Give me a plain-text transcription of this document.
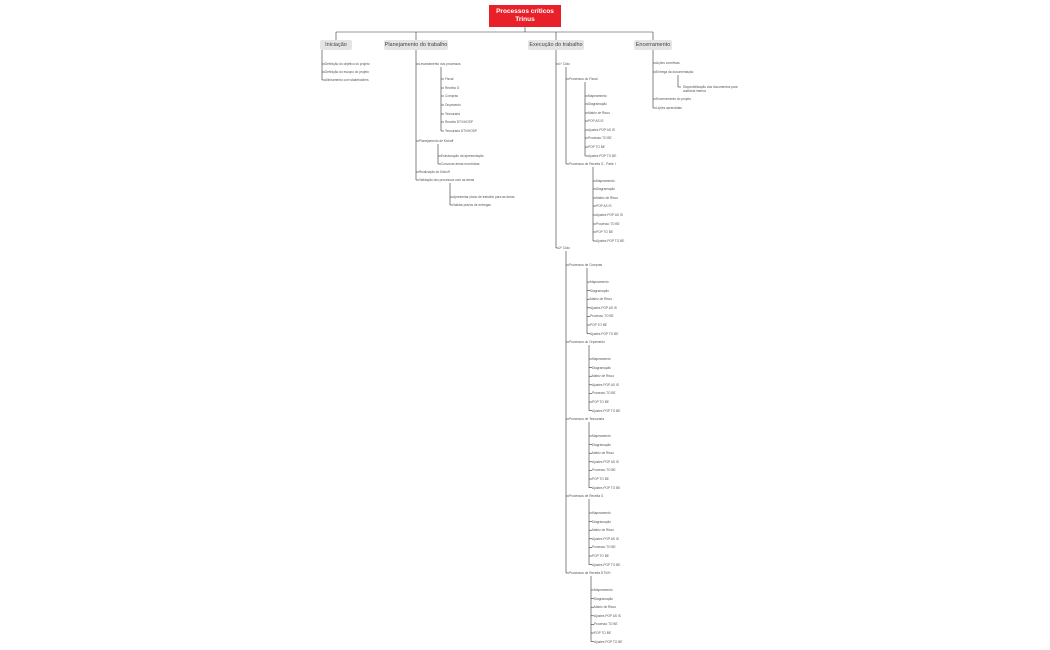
Processos críticos
Trinus
Iniciação	Planejamento do trabalho	Execução do trabalho	Encerramento
Definição do objetivo do projeto
Definição do escopo do projeto
Alinhamento com stakeholders
Levantamento dos processos
Planejamento de Kickoff
Realização do Kickoff
Validação dos processos com as áreas
Fiscal
Receita G
Compras
Orçamento
Tesouraria
Receita DTV/HOSP
Tesouraria DTV/HOSP
Estruturação da apresentação
Convocar áreas envolvidas
Apresentar plano de trabalho para as áreas
Validar prazos de entregas
1º Ciclo
2º Ciclo
Processos do Fiscal
Processos de Receita G - Parte I
Mapeamento
Diagramação
Matriz de Risco
POP AS IS
Ajustes POP AS IS
Processo TO BE
POP TO BE
Ajustes POP TO BE
Mapeamento
Diagramação
Matriz de Risco
POP AS IS
Ajustes POP AS IS
Processo TO BE
POP TO BE
Ajustes POP TO BE
Processos de Compras
Processos do Orçamento
Processos de Tesouraria
Processos de Receita G
Processos de Receita DTV/H
Mapeamento
Diagramação
Matriz de Risco
Ajustes POP AS IS
Processo TO BE
POP TO BE
Ajustes POP TO BE
Mapeamento
Diagramação
Matriz de Risco
Ajustes POP AS IS
Processo TO BE
POP TO BE
Ajustes POP TO BE
Mapeamento
Diagramação
Matriz de Risco
Ajustes POP AS IS
Processo TO BE
POP TO BE
Ajustes POP TO BE
Mapeamento
Diagramação
Matriz de Risco
Ajustes POP AS IS
Processo TO BE
POP TO BE
Ajustes POP TO BE
Mapeamento
Diagramação
Matriz de Risco
Ajustes POP AS IS
Processo TO BE
POP TO BE
Ajustes POP TO BE
Ações corretivas
Entrega da documentação
Encerramento do projeto
Lições aprendidas
Disponibilização dos documentos para auditoria interna
